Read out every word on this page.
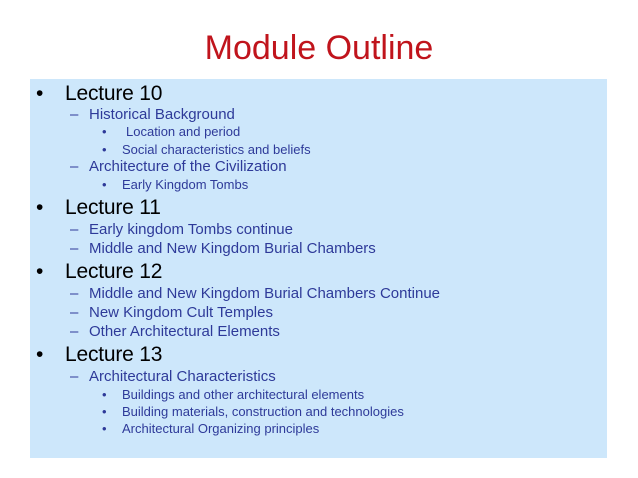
Module Outline
• Lecture 10
– Historical Background
• Location and period
• Social characteristics and beliefs
– Architecture of the Civilization
• Early Kingdom Tombs
• Lecture 11
– Early kingdom Tombs continue
– Middle and New Kingdom Burial Chambers
• Lecture 12
– Middle and New Kingdom Burial Chambers Continue
– New Kingdom Cult Temples
– Other Architectural Elements
• Lecture 13
– Architectural Characteristics
• Buildings and other architectural elements
• Building materials, construction and technologies
• Architectural Organizing principles
